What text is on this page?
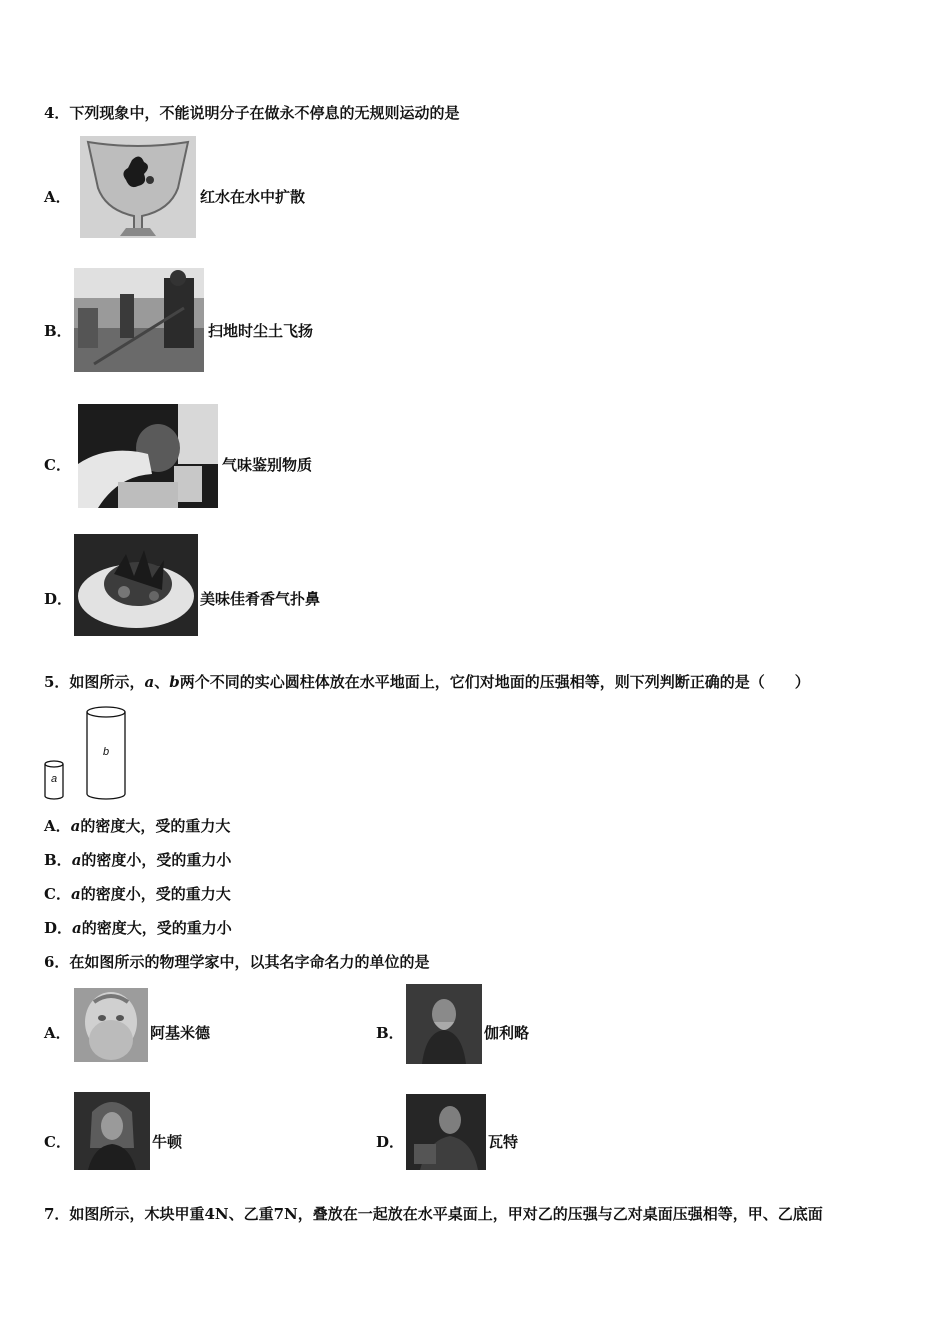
4．下列现象中，不能说明分子在做永不停息的无规则运动的是
A．	红水在水中扩散
B．	扫地时尘土飞扬
C．	气味鉴别物质
D．	美味佳肴香气扑鼻
5．如图所示，a、b两个不同的实心圆柱体放在水平地面上，它们对地面的压强相等，则下列判断正确的是（　　）
a
b
A．a的密度大，受的重力大
B．a的密度小，受的重力小
C．a的密度小，受的重力大
D．a的密度大，受的重力小
6．在如图所示的物理学家中，以其名字命名力的单位的是
A．	阿基米德	B．	伽利略
C．	牛顿	D．	瓦特
7．如图所示，木块甲重4N、乙重7N，叠放在一起放在水平桌面上，甲对乙的压强与乙对桌面压强相等，甲、乙底面
